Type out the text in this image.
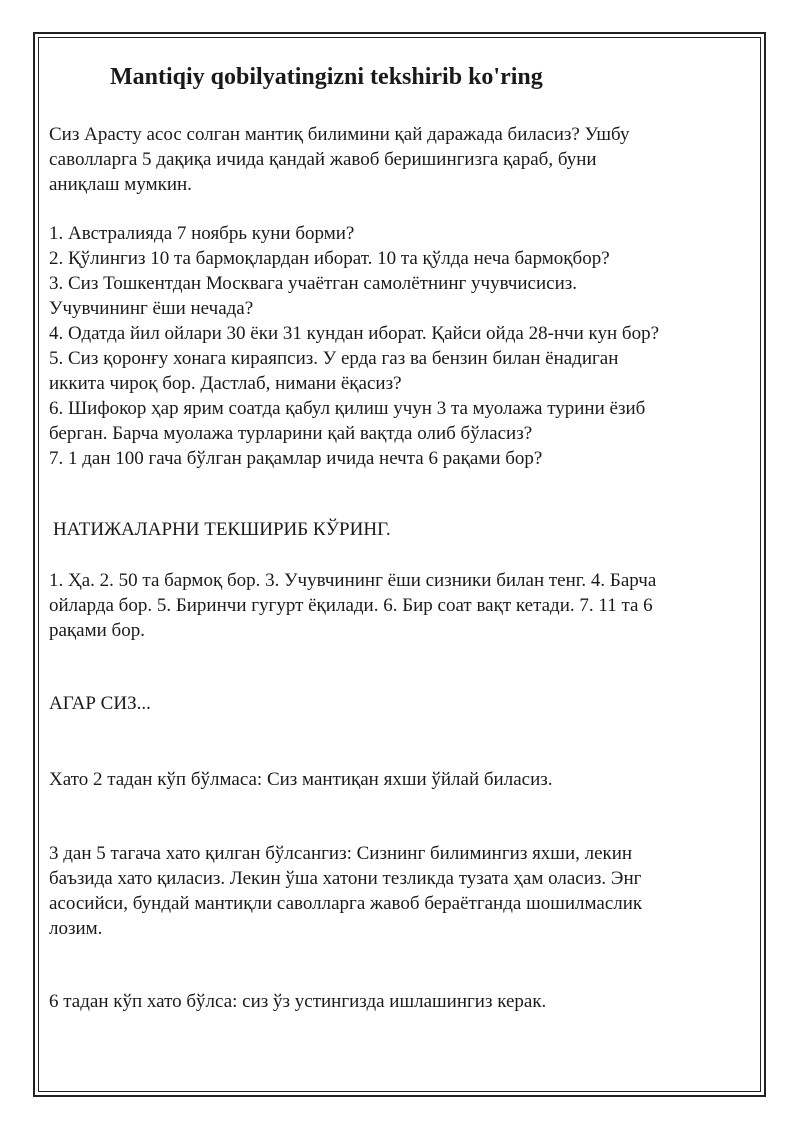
Mantiqiy qobilyatingizni tekshirib ko'ring

Сиз Арасту асос солган мантиқ билимини қай даражада биласиз? Ушбу
саволларга 5 дақиқа ичида қандай жавоб беришингизга қараб, буни
аниқлаш мумкин.

1. Австралияда 7 ноябрь куни борми?
2. Қўлингиз 10 та бармоқлардан иборат. 10 та қўлда неча бармоқбор?
3. Сиз Тошкентдан Москвага учаётган самолётнинг учувчисисиз.
Учувчининг ёши нечада?
4. Одатда йил ойлари 30 ёки 31 кундан иборат. Қайси ойда 28-нчи кун бор?
5. Сиз қоронғу хонага кираяпсиз. У ерда газ ва бензин билан ёнадиган
иккита чироқ бор. Дастлаб, нимани ёқасиз?
6. Шифокор ҳар ярим соатда қабул қилиш учун 3 та муолажа турини ёзиб
берган. Барча муолажа турларини қай вақтда олиб бўласиз?
7. 1 дан 100 гача бўлган рақамлар ичида нечта 6 рақами бор?

НАТИЖАЛАРНИ ТЕКШИРИБ КЎРИНГ.

1. Ҳа. 2. 50 та бармоқ бор. 3. Учувчининг ёши сизники билан тенг. 4. Барча
ойларда бор. 5. Биринчи гугурт ёқилади. 6. Бир соат вақт кетади. 7. 11 та 6
рақами бор.

АГАР СИЗ...

Хато 2 тадан кўп бўлмаса: Сиз мантиқан яхши ўйлай биласиз.

3 дан 5 тагача хато қилган бўлсангиз: Сизнинг билимингиз яхши, лекин
баъзида хато қиласиз. Лекин ўша хатони тезликда тузата ҳам оласиз. Энг
асосийси, бундай мантиқли саволларга жавоб бераётганда шошилмаслик
лозим.

6 тадан кўп хато бўлса: сиз ўз устингизда ишлашингиз керак.
